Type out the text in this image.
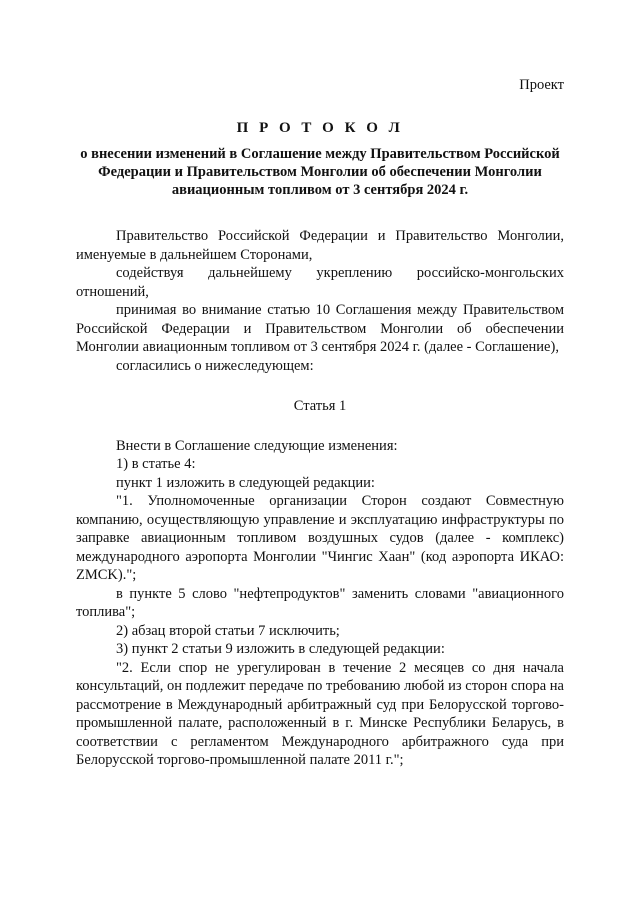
Проект
П Р О Т О К О Л
о внесении изменений в Соглашение между Правительством Российской Федерации и Правительством Монголии об обеспечении Монголии авиационным топливом от 3 сентября 2024 г.

Правительство Российской Федерации и Правительство Монголии, именуемые в дальнейшем Сторонами,

содействуя дальнейшему укреплению российско-монгольских отношений,

принимая во внимание статью 10 Соглашения между Правительством Российской Федерации и Правительством Монголии об обеспечении Монголии авиационным топливом от 3 сентября 2024 г. (далее - Соглашение),

согласились о нижеследующем:

Статья 1

Внести в Соглашение следующие изменения:

1) в статье 4:

пункт 1 изложить в следующей редакции:

"1. Уполномоченные организации Сторон создают Совместную компанию, осуществляющую управление и эксплуатацию инфраструктуры по заправке авиационным топливом воздушных судов (далее - комплекс) международного аэропорта Монголии "Чингис Хаан" (код аэропорта ИКАО: ZMCK).";

в пункте 5 слово "нефтепродуктов" заменить словами "авиационного топлива";

2) абзац второй статьи 7 исключить;

3) пункт 2 статьи 9 изложить в следующей редакции:

"2. Если спор не урегулирован в течение 2 месяцев со дня начала консультаций, он подлежит передаче по требованию любой из сторон спора на рассмотрение в Международный арбитражный суд при Белорусской торгово-промышленной палате, расположенный в г. Минске Республики Беларусь, в соответствии с регламентом Международного арбитражного суда при Белорусской торгово-промышленной палате 2011 г.";
